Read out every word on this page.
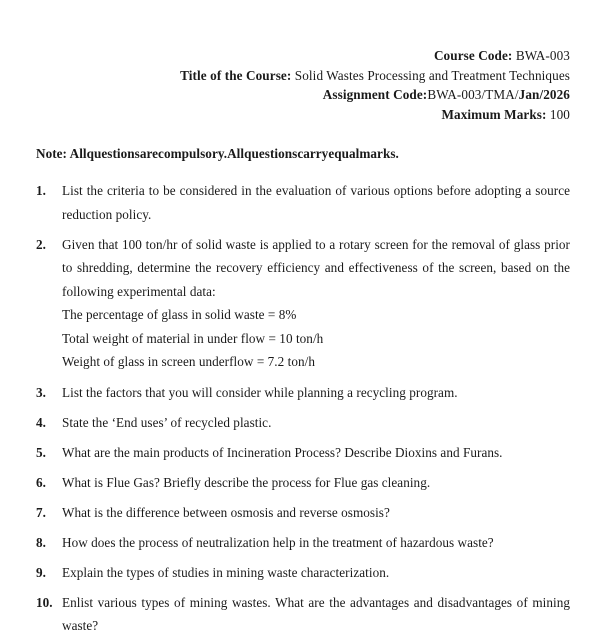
Course Code: BWA-003
Title of the Course: Solid Wastes Processing and Treatment Techniques
Assignment Code:BWA-003/TMA/Jan/2026
Maximum Marks: 100
Note: Allquestionsarecompulsory.Allquestionscarryequalmarks.
1.	List the criteria to be considered in the evaluation of various options before adopting a source reduction policy.
2.	Given that 100 ton/hr of solid waste is applied to a rotary screen for the removal of glass prior to shredding, determine the recovery efficiency and effectiveness of the screen, based on the following experimental data:
The percentage of glass in solid waste = 8%
Total weight of material in under flow = 10 ton/h
Weight of glass in screen underflow = 7.2 ton/h
3.	List the factors that you will consider while planning a recycling program.
4.	State the ‘End uses’ of recycled plastic.
5.	What are the main products of Incineration Process? Describe Dioxins and Furans.
6.	What is Flue Gas? Briefly describe the process for Flue gas cleaning.
7.	What is the difference between osmosis and reverse osmosis?
8.	How does the process of neutralization help in the treatment of hazardous waste?
9.	Explain the types of studies in mining waste characterization.
10. Enlist various types of mining wastes. What are the advantages and disadvantages of mining waste?
